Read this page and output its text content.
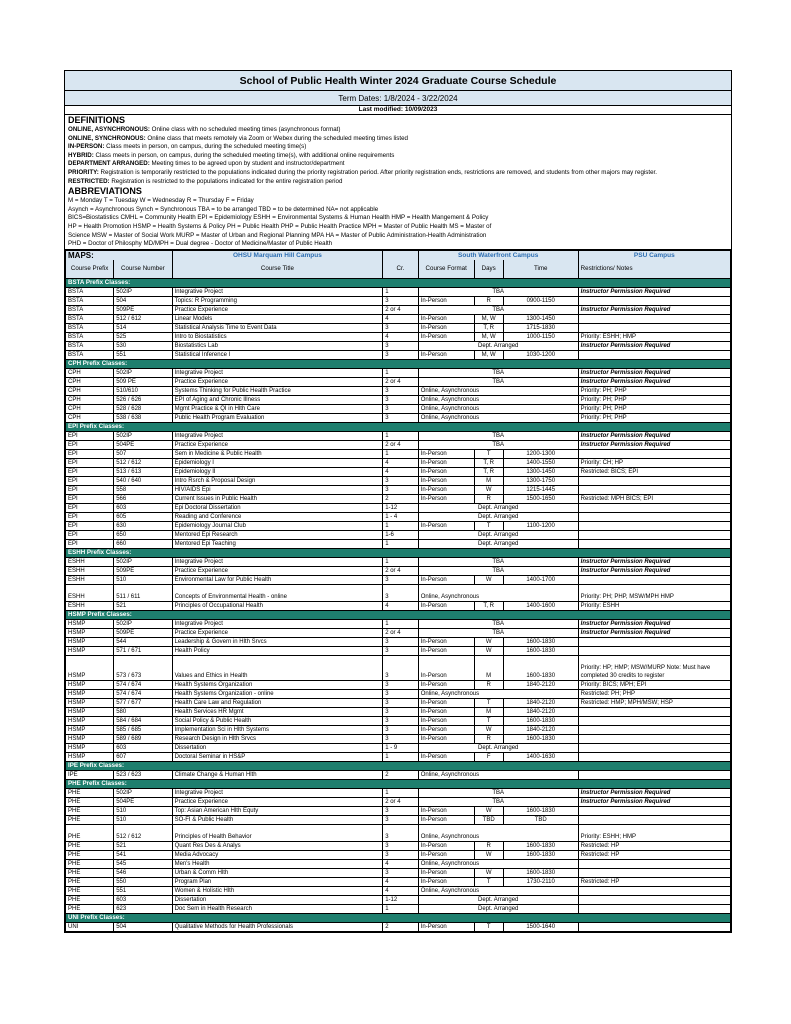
School of Public Health Winter 2024 Graduate Course Schedule
Term Dates: 1/8/2024 - 3/22/2024
Last modified: 10/09/2023
DEFINITIONS
ONLINE, ASYNCHRONOUS: Online class with no scheduled meeting times (asynchronous format)
ONLINE, SYNCHRONOUS: Online class that meets remotely via Zoom or Webex during the scheduled meeting times listed
IN-PERSON: Class meets in person, on campus, during the scheduled meeting time(s)
HYBRID: Class meets in person, on campus, during the scheduled meeting time(s), with additional online requirements
DEPARTMENT ARRANGED: Meeting times to be agreed upon by student and instructor/department
PRIORITY: Registration is temporarily restricted to the populations indicated during the priority registration period. After priority registration ends, restrictions are removed, and students from other majors may register.
RESTRICTED: Registration is restricted to the populations indicated for the entire registration period
ABBREVIATIONS
M = Monday T = Tuesday W = Wednesday R = Thursday F = Friday
Asynch = Asynchronous Synch = Synchronous TBA = to be arranged TBD = to be determined NA= not applicable
BICS=Biostatistics CMHL = Community Health EPI = Epidemiology ESHH = Environmental Systems & Human Health HMP = Health Mangement & Policy
HP = Health Promotion HSMP = Health Systems & Policy PH = Public Health PHP = Public Health Practice MPH = Master of Public Health MS = Master of
Science MSW = Master of Social Work MURP = Master of Urban and Regional Planning MPA HA = Master of Public Administration-Health Administration
PHD = Doctor of Philosphy MD/MPH = Dual degree - Doctor of Medicine/Master of Public Health
MAPS:		OHSU Marquam Hill Campus		South Waterfront Campus			PSU Campus
Course Prefix	Course Number	Course Title	Cr.	Course Format	Days	Time	Restrictions/ Notes
BSTA Prefix Classes:							
BSTA	502IP	Integrative Project	1	TBA			Instructor Permission Required
BSTA	504	Topics: R Programming	3	In-Person	R	0900-1150	
BSTA	509PE	Practice Experience	2 or 4	TBA			Instructor Permission Required
BSTA	512 / 612	Linear Models	4	In-Person	M, W	1300-1450	
BSTA	514	Statistical Analysis Time to Event Data	3	In-Person	T, R	1715-1830	
BSTA	525	Intro to Biostatistics	4	In-Person	M, W	1000-1150	Priority: ESHH; HMP
BSTA	530	Biostatistics Lab	3	Dept. Arranged			Instructor Permission Required
BSTA	551	Statistical Inference I	3	In-Person	M, W	1030-1200	
CPH Prefix Classes:							
CPH	502IP	Integrative Project	1	TBA			Instructor Permission Required
CPH	509 PE	Practice Experience	2 or 4	TBA			Instructor Permission Required
CPH	510/610	Systems Thinking for Public Health Practice	3	Online, Asynchronous			Priority: PH; PHP
CPH	526 / 626	EPI of Aging and Chronic Illness	3	Online, Asynchronous			Priority: PH; PHP
CPH	528 / 628	Mgmt Practice & QI in Hlth Care	3	Online, Asynchronous			Priority: PH; PHP
CPH	538 / 638	Public Health Program Evaluation	3	Online, Asynchronous			Priority: PH; PHP
EPI Prefix Classes:							
EPI	502IP	Integrative Project	1	TBA			Instructor Permission Required
EPI	504PE	Practice Experience	2 or 4	TBA			Instructor Permission Required
EPI	507	Sem in Medicine & Public Health	1	In-Person	T	1200-1300	
EPI	512 / 612	Epidemiology I	4	In-Person	T, R	1400-1550	Priority: CH; HP
EPI	513 / 613	Epidemiology II	4	In-Person	T, R	1300-1450	Restricted: BICS; EPI
EPI	540 / 640	Intro Rsrch & Proposal Design	3	In-Person	M	1300-1750	
EPI	558	HIV/AIDS Epi	3	In-Person	W	1215-1445	
EPI	566	Current Issues in Public Health	2	In-Person	R	1500-1650	Restricted: MPH BICS; EPI
EPI	603	Epi Doctoral Dissertation	1-12	Dept. Arranged			
EPI	605	Reading and Conference	1 - 4	Dept. Arranged			
EPI	630	Epidemiology Journal Club	1	In-Person	T	1100-1200	
EPI	650	Mentored Epi Research	1-6	Dept. Arranged			
EPI	660	Mentored Epi Teaching	1	Dept. Arranged			
ESHH Prefix Classes:							
ESHH	502IP	Integrative Project	1	TBA			Instructor Permission Required
ESHH	509PE	Practice Experience	2 or 4	TBA			Instructor Permission Required
ESHH	510	Environmental Law for Public Health	3	In-Person	W	1400-1700	
ESHH	511 / 611	Concepts of Environmental Health - online	3	Online, Asynchronous			Priority: PH; PHP, MSW/MPH HMP
ESHH	521	Principles of Occupational Health	4	In-Person	T, R	1400-1600	Priority: ESHH
HSMP Prefix Classes:							
HSMP	502IP	Integrative Project	1	TBA			Instructor Permission Required
HSMP	509PE	Practice Experience	2 or 4	TBA			Instructor Permission Required
HSMP	544	Leadership & Govern in Hlth Srvcs	3	In-Person	W	1600-1830	
HSMP	571 / 671	Health Policy	3	In-Person	W	1600-1830	
HSMP	573 / 673	Values and Ethics in Health	3	In-Person	M	1600-1830	Priority: HP; HMP; MSW/MURP Note: Must have completed 30 credits to register
HSMP	574 / 674	Health Systems Organization	3	In-Person	R	1840-2120	Priority: BICS; MPH; EPI
HSMP	574 / 674	Health Systems Organization - online	3	Online, Asynchronous			Restricted: PH; PHP
HSMP	577 / 677	Health Care Law and Regulation	3	In-Person	T	1840-2120	Restricted: HMP; MPH/MSW; HSP
HSMP	580	Health Services HR Mgmt	3	In-Person	M	1840-2120	
HSMP	584 / 684	Social Policy & Public Health	3	In-Person	T	1600-1830	
HSMP	585 / 685	Implementation Sci in Hlth Systems	3	In-Person	W	1840-2120	
HSMP	589 / 689	Research Design in Hlth Srvcs	3	In-Person	R	1600-1830	
HSMP	603	Dissertation	1 - 9	Dept. Arranged			
HSMP	607	Doctoral Seminar in HS&P	1	In-Person	F	1400-1630	
IPE Prefix Classes:							
IPE	523 / 623	Climate Change & Human Hlth	2	Online, Asynchronous			
PHE Prefix Classes:							
PHE	502IP	Integrative Project	1	TBA			Instructor Permission Required
PHE	504PE	Practice Experience	2 or 4	TBA			Instructor Permission Required
PHE	510	Top: Asian American Hlth Equty	3	In-Person	W	1600-1830	
PHE	510	SO-FI & Public Health	3	In-Person	TBD	TBD	
PHE	512 / 612	Principles of Health Behavior	3	Online, Asynchronous			Priority: ESHH; HMP
PHE	521	Quant Res Des & Analys	3	In-Person	R	1600-1830	Restricted: HP
PHE	541	Media Advocacy	3	In-Person	W	1600-1830	Restricted: HP
PHE	545	Men's Health	4	Online, Asynchronous			
PHE	546	Urban & Comm Hlth	3	In-Person	W	1600-1830	
PHE	550	Program Plan	4	In-Person	T	1730-2110	Restricted: HP
PHE	551	Women & Holistic Hlth	4	Online, Asynchronous			
PHE	603	Dissertation	1-12	Dept. Arranged			
PHE	623	Doc Sem in Health Research	1	Dept. Arranged			
UNI Prefix Classes:							
UNI	504	Qualitative Methods for Health Professionals	2	In-Person	T	1500-1640	
